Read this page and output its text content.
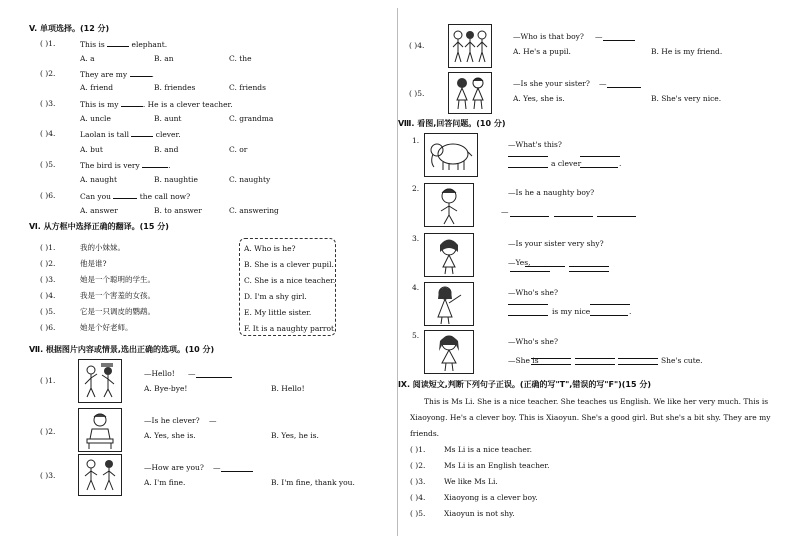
V. 单项选择。(12 分)
( )1.	This is	elephant.
A. a	B. an	C. the
( )2.	They are my	.
A. friend	B. friendes	C. friends
( )3.	This is my	. He is a clever teacher.
A. uncle	B. aunt	C. grandma
( )4.	Laolan is tall	clever.
A. but	B. and	C. or
( )5.	The bird is very	.
A. naught	B. naughtie	C. naughty
( )6.	Can you	the call now?
A. answer	B. to answer	C. answering
Ⅵ. 从方框中选择正确的翻译。(15 分)
( )1.	我的小妹妹。
( )2.	他是谁?
( )3.	她是一个聪明的学生。
( )4.	我是一个害羞的女孩。
( )5.	它是一只调皮的鹦鹉。
( )6.	她是个好老师。
A. Who is he?
B. She is a clever pupil.
C. She is a nice teacher.
D. I'm a shy girl.
E. My little sister.
F. It is a naughty parrot.
Ⅶ. 根据图片内容或情景,选出正确的选项。(10 分)
( )1.
—Hello! —
A. Bye-bye!	B. Hello!
( )2.
—Is he clever? —
A. Yes, she is.	B. Yes, he is.
( )3.
—How are you? —
A. I'm fine.	B. I'm fine, thank you.
( )4.
—Who is that boy? —
A. He's a pupil.	B. He is my friend.
( )5.
—Is she your sister? —
A. Yes, she is.	B. She's very nice.
Ⅷ. 看图,回答问题。(10 分)
1.	—What's this?
a clever	.
2.	—Is he a naughty boy?
—
3.
—Is your sister very shy?
—Yes,
4.
—Who's she?
is my nice	.
5.
—Who's she?
—She is	She's cute.
Ⅸ. 阅读短文,判断下列句子正误。(正确的写"T",错误的写"F")(15 分)
This is Ms Li. She is a nice teacher. She teaches us English. We like her very much. This is
Xiaoyong. He's a clever boy. This is Xiaoyun. She's a good girl. But she's a bit shy. They are my
friends.
( )1. Ms Li is a nice teacher.
( )2. Ms Li is an English teacher.
( )3. We like Ms Li.
( )4. Xiaoyong is a clever boy.
( )5. Xiaoyun is not shy.
